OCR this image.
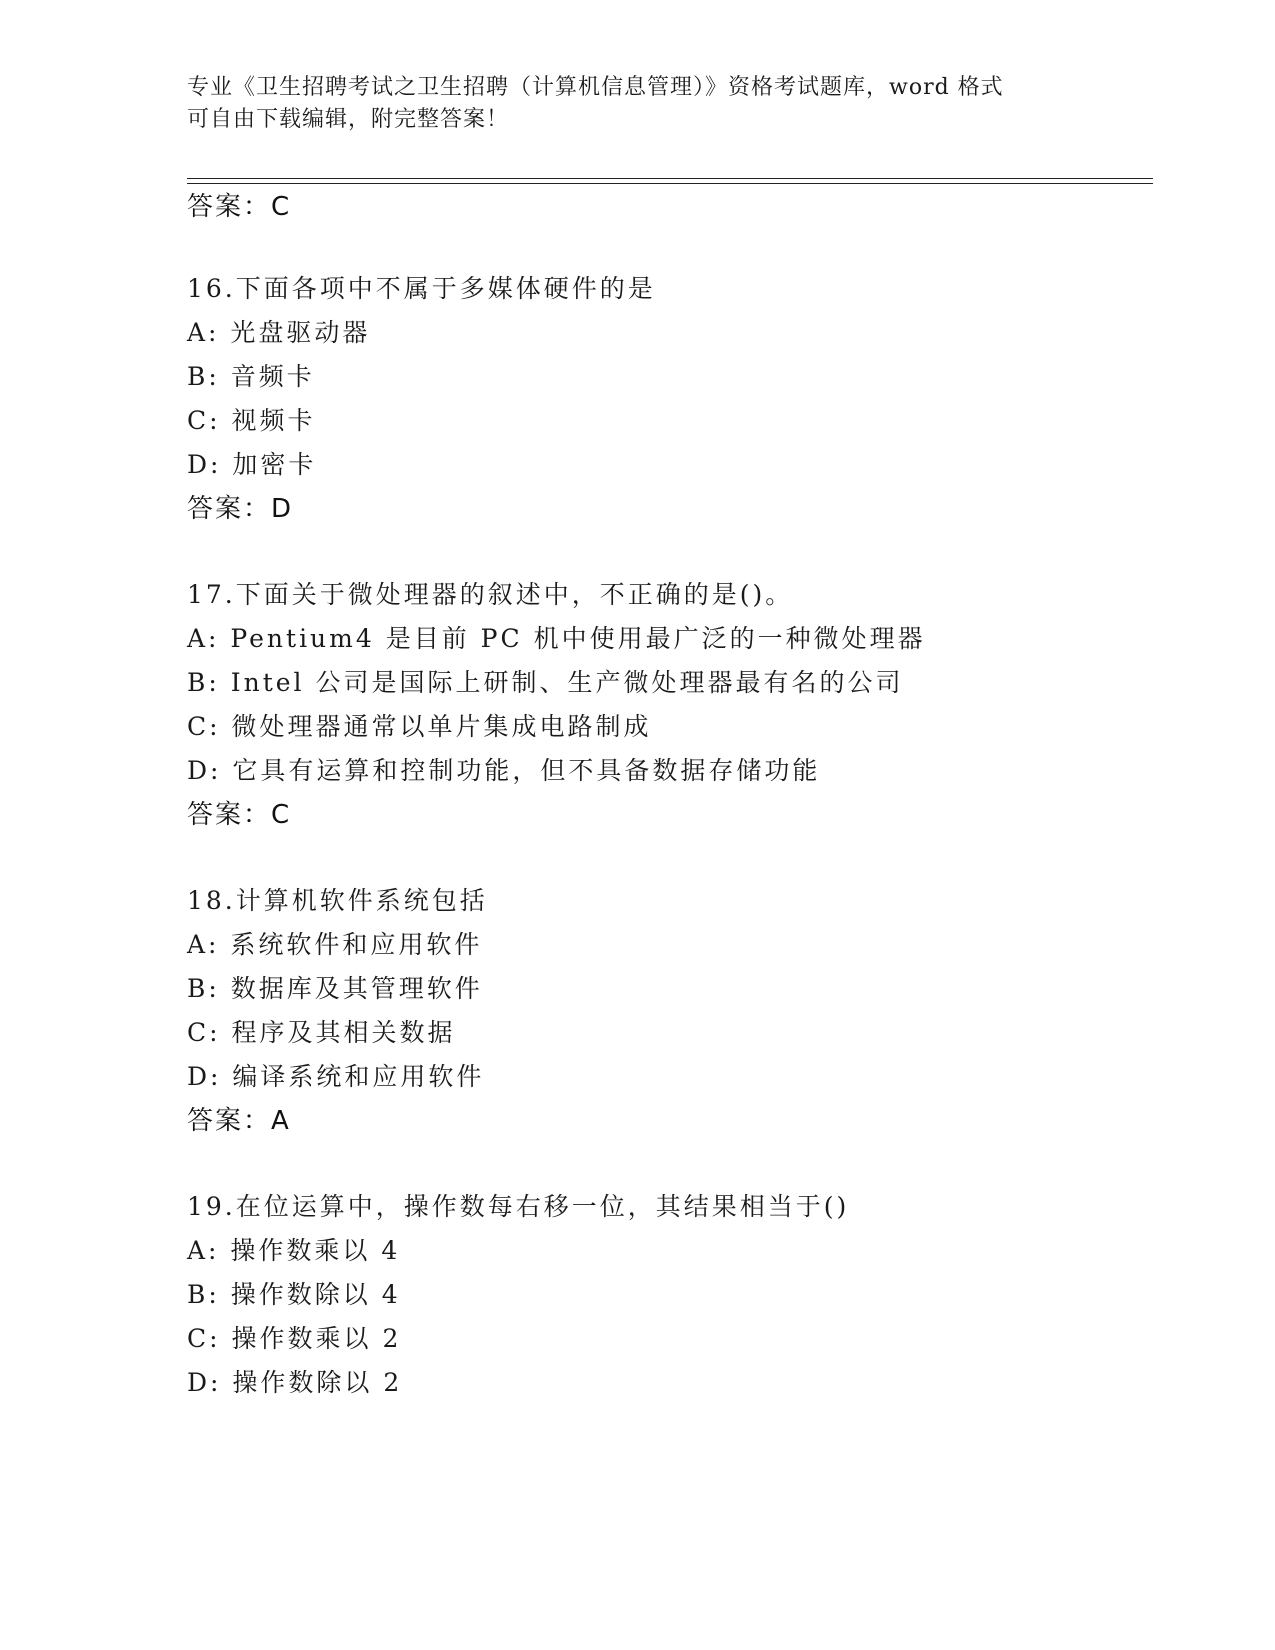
专业《卫生招聘考试之卫生招聘（计算机信息管理）》资格考试题库，word 格式
可自由下载编辑，附完整答案！
答案：C
16.下面各项中不属于多媒体硬件的是
A: 光盘驱动器
B: 音频卡
C: 视频卡
D: 加密卡
答案：D
17.下面关于微处理器的叙述中，不正确的是()。
A: Pentium4 是目前 PC 机中使用最广泛的一种微处理器
B: Intel 公司是国际上研制、生产微处理器最有名的公司
C: 微处理器通常以单片集成电路制成
D: 它具有运算和控制功能，但不具备数据存储功能
答案：C
18.计算机软件系统包括
A: 系统软件和应用软件
B: 数据库及其管理软件
C: 程序及其相关数据
D: 编译系统和应用软件
答案：A
19.在位运算中，操作数每右移一位，其结果相当于()
A: 操作数乘以 4
B: 操作数除以 4
C: 操作数乘以 2
D: 操作数除以 2
